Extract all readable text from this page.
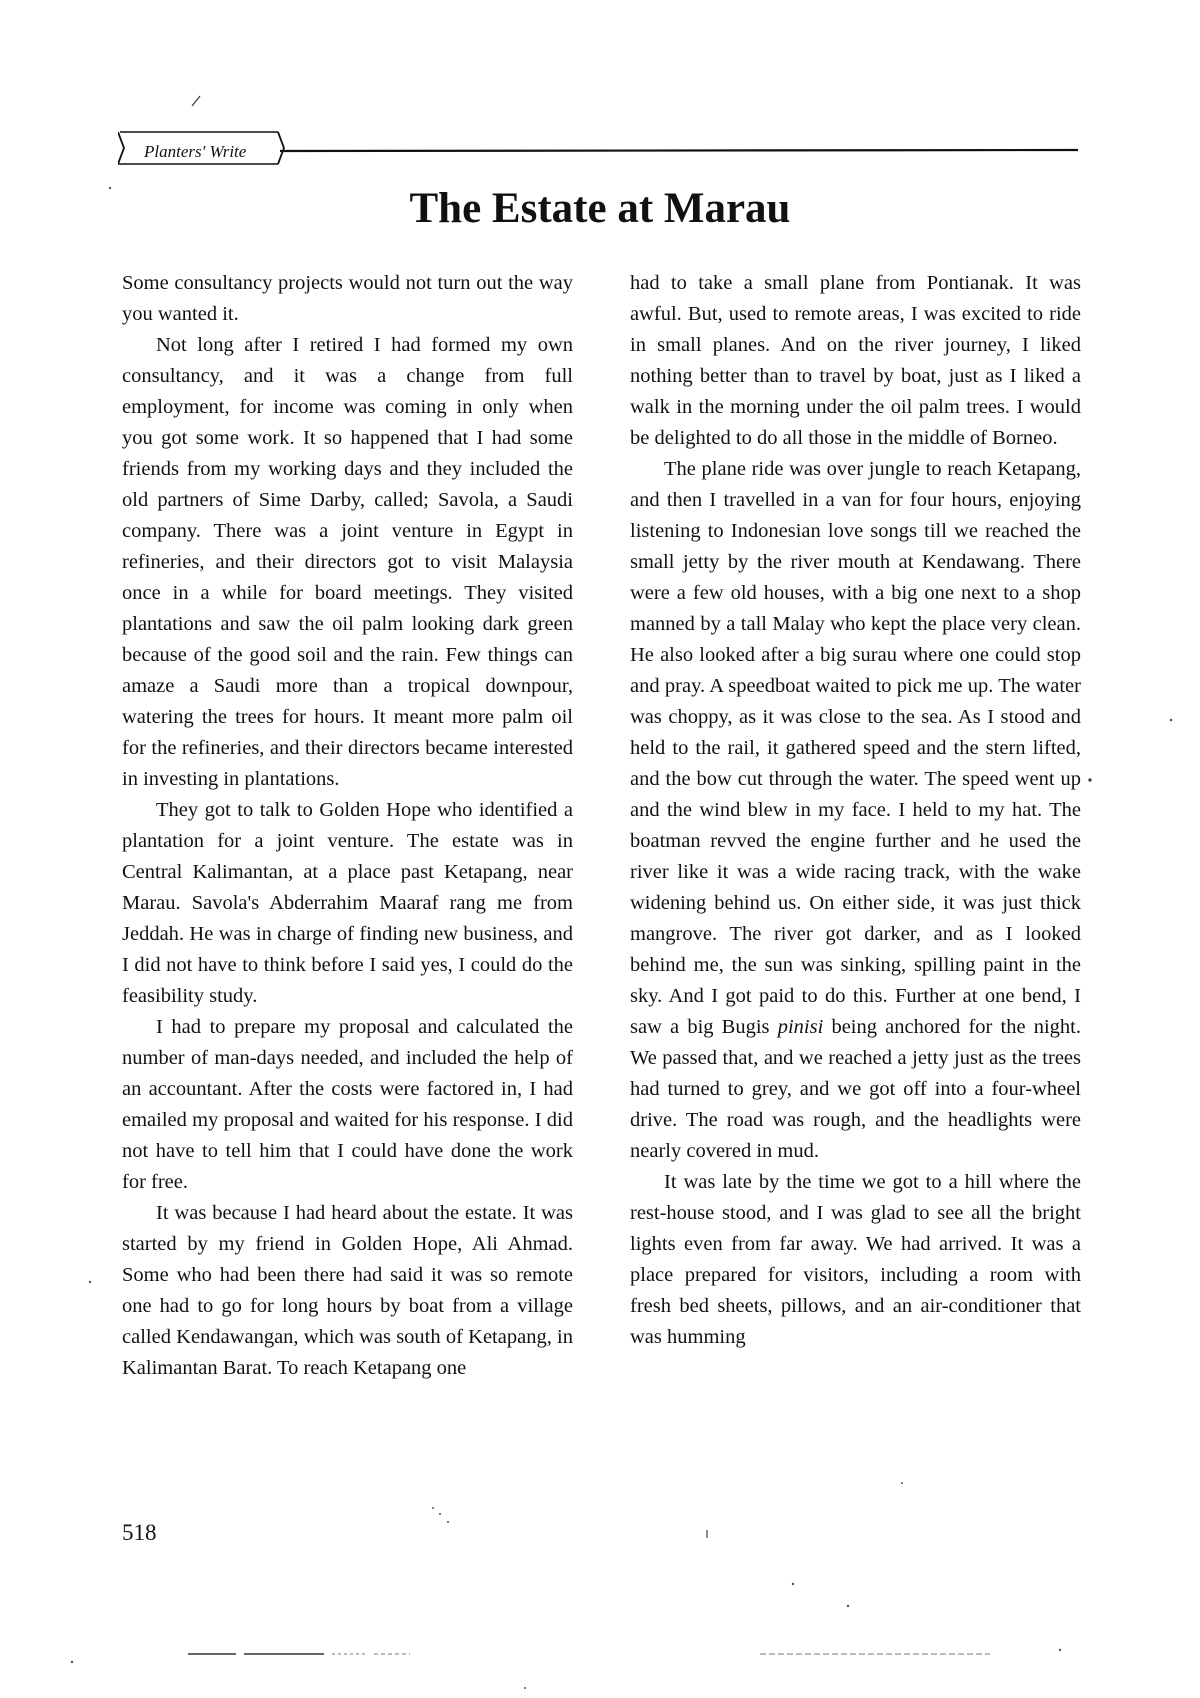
Planters' Write
The Estate at Marau

Some consultancy projects would not turn out the way you wanted it.

Not long after I retired I had formed my own consultancy, and it was a change from full employment, for income was coming in only when you got some work. It so happened that I had some friends from my working days and they included the old partners of Sime Darby, called; Savola, a Saudi company. There was a joint venture in Egypt in refineries, and their directors got to visit Malaysia once in a while for board meetings. They visited plantations and saw the oil palm looking dark green because of the good soil and the rain. Few things can amaze a Saudi more than a tropical downpour, watering the trees for hours. It meant more palm oil for the refineries, and their directors became interested in investing in plantations.

They got to talk to Golden Hope who identified a plantation for a joint venture. The estate was in Central Kalimantan, at a place past Ketapang, near Marau. Savola's Abderrahim Maaraf rang me from Jeddah. He was in charge of finding new business, and I did not have to think before I said yes, I could do the feasibility study.

I had to prepare my proposal and calculated the number of man-days needed, and included the help of an accountant. After the costs were factored in, I had emailed my proposal and waited for his response. I did not have to tell him that I could have done the work for free.

It was because I had heard about the estate. It was started by my friend in Golden Hope, Ali Ahmad. Some who had been there had said it was so remote one had to go for long hours by boat from a village called Kendawangan, which was south of Ketapang, in Kalimantan Barat. To reach Ketapang one

had to take a small plane from Pontianak. It was awful. But, used to remote areas, I was excited to ride in small planes. And on the river journey, I liked nothing better than to travel by boat, just as I liked a walk in the morning under the oil palm trees. I would be delighted to do all those in the middle of Borneo.

The plane ride was over jungle to reach Ketapang, and then I travelled in a van for four hours, enjoying listening to Indonesian love songs till we reached the small jetty by the river mouth at Kendawang. There were a few old houses, with a big one next to a shop manned by a tall Malay who kept the place very clean. He also looked after a big surau where one could stop and pray. A speedboat waited to pick me up. The water was choppy, as it was close to the sea. As I stood and held to the rail, it gathered speed and the stern lifted, and the bow cut through the water. The speed went up and the wind blew in my face. I held to my hat. The boatman revved the engine further and he used the river like it was a wide racing track, with the wake widening behind us. On either side, it was just thick mangrove. The river got darker, and as I looked behind me, the sun was sinking, spilling paint in the sky. And I got paid to do this. Further at one bend, I saw a big Bugis pinisi being anchored for the night. We passed that, and we reached a jetty just as the trees had turned to grey, and we got off into a four-wheel drive. The road was rough, and the headlights were nearly covered in mud.

It was late by the time we got to a hill where the rest-house stood, and I was glad to see all the bright lights even from far away. We had arrived. It was a place prepared for visitors, including a room with fresh bed sheets, pillows, and an air-conditioner that was humming

518
